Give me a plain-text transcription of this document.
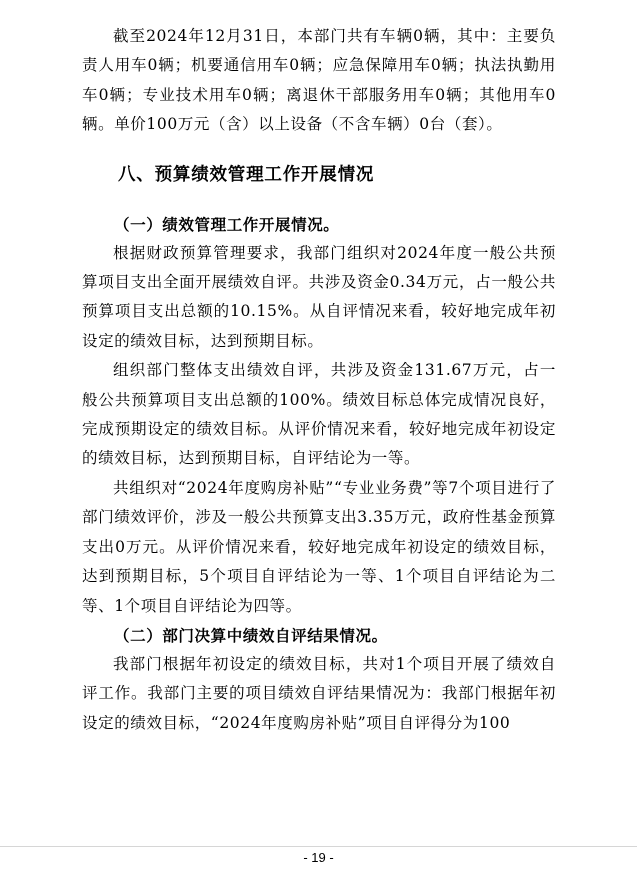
截至2024年12月31日，本部门共有车辆0辆，其中：主要负责人用车0辆；机要通信用车0辆；应急保障用车0辆；执法执勤用车0辆；专业技术用车0辆；离退休干部服务用车0辆；其他用车0辆。单价100万元（含）以上设备（不含车辆）0台（套）。

八、预算绩效管理工作开展情况
（一）绩效管理工作开展情况。

根据财政预算管理要求，我部门组织对2024年度一般公共预算项目支出全面开展绩效自评。共涉及资金0.34万元，占一般公共预算项目支出总额的10.15%。从自评情况来看，较好地完成年初设定的绩效目标，达到预期目标。

组织部门整体支出绩效自评，共涉及资金131.67万元，占一般公共预算项目支出总额的100%。绩效目标总体完成情况良好，完成预期设定的绩效目标。从评价情况来看，较好地完成年初设定的绩效目标，达到预期目标，自评结论为一等。

共组织对“2024年度购房补贴”“专业业务费”等7个项目进行了部门绩效评价，涉及一般公共预算支出3.35万元，政府性基金预算支出0万元。从评价情况来看，较好地完成年初设定的绩效目标，达到预期目标，5个项目自评结论为一等、1个项目自评结论为二等、1个项目自评结论为四等。

（二）部门决算中绩效自评结果情况。

我部门根据年初设定的绩效目标，共对1个项目开展了绩效自评工作。我部门主要的项目绩效自评结果情况为：我部门根据年初设定的绩效目标，“2024年度购房补贴”项目自评得分为100

- 19 -
